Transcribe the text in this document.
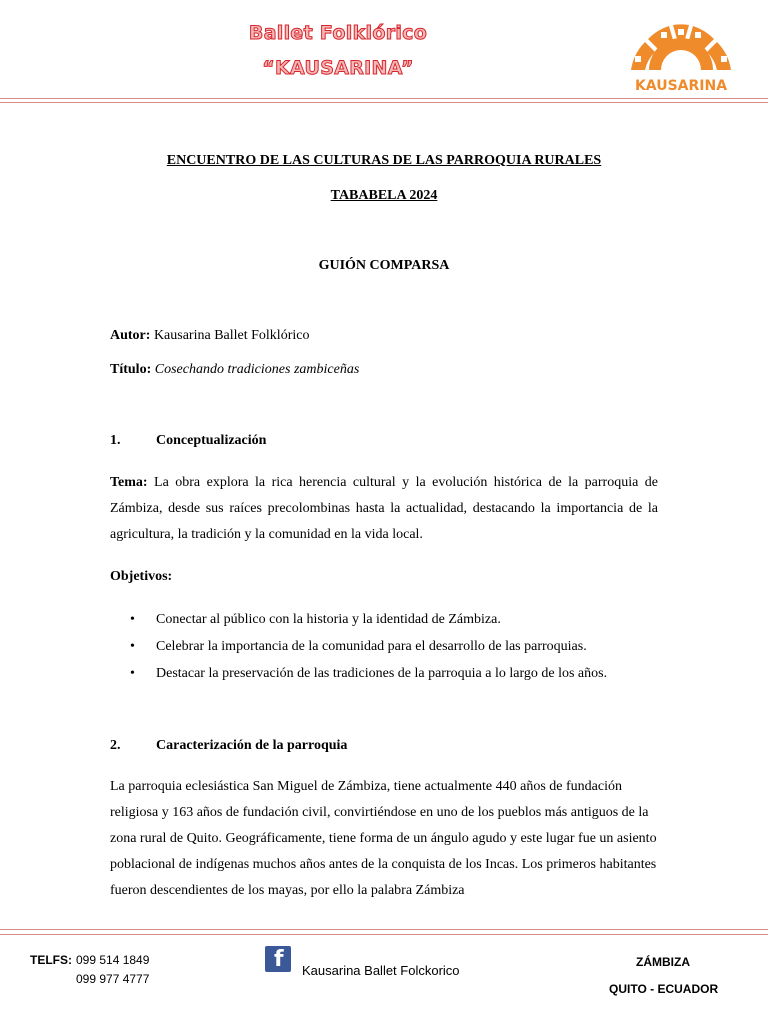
Ballet Folklórico
“KAUSARINA”
KAUSARINA
ENCUENTRO DE LAS CULTURAS DE LAS PARROQUIA RURALES
TABABELA 2024
GUIÓN COMPARSA
Autor: Kausarina Ballet Folklórico
Título: Cosechando tradiciones zambiceñas
1.	Conceptualización
Tema: La obra explora la rica herencia cultural y la evolución histórica de la parroquia de Zámbiza, desde sus raíces precolombinas hasta la actualidad, destacando la importancia de la agricultura, la tradición y la comunidad en la vida local.
Objetivos:
• Conectar al público con la historia y la identidad de Zámbiza.
• Celebrar la importancia de la comunidad para el desarrollo de las parroquias.
• Destacar la preservación de las tradiciones de la parroquia a lo largo de los años.
2.	Caracterización de la parroquia
La parroquia eclesiástica San Miguel de Zámbiza, tiene actualmente 440 años de fundación religiosa y 163 años de fundación civil, convirtiéndose en uno de los pueblos más antiguos de la zona rural de Quito. Geográficamente, tiene forma de un ángulo agudo y este lugar fue un asiento poblacional de indígenas muchos años antes de la conquista de los Incas. Los primeros habitantes fueron descendientes de los mayas, por ello la palabra Zámbiza
TELFS: 099 514 1849
099 977 4777
f Kausarina Ballet Folckorico
ZÁMBIZA
QUITO - ECUADOR
